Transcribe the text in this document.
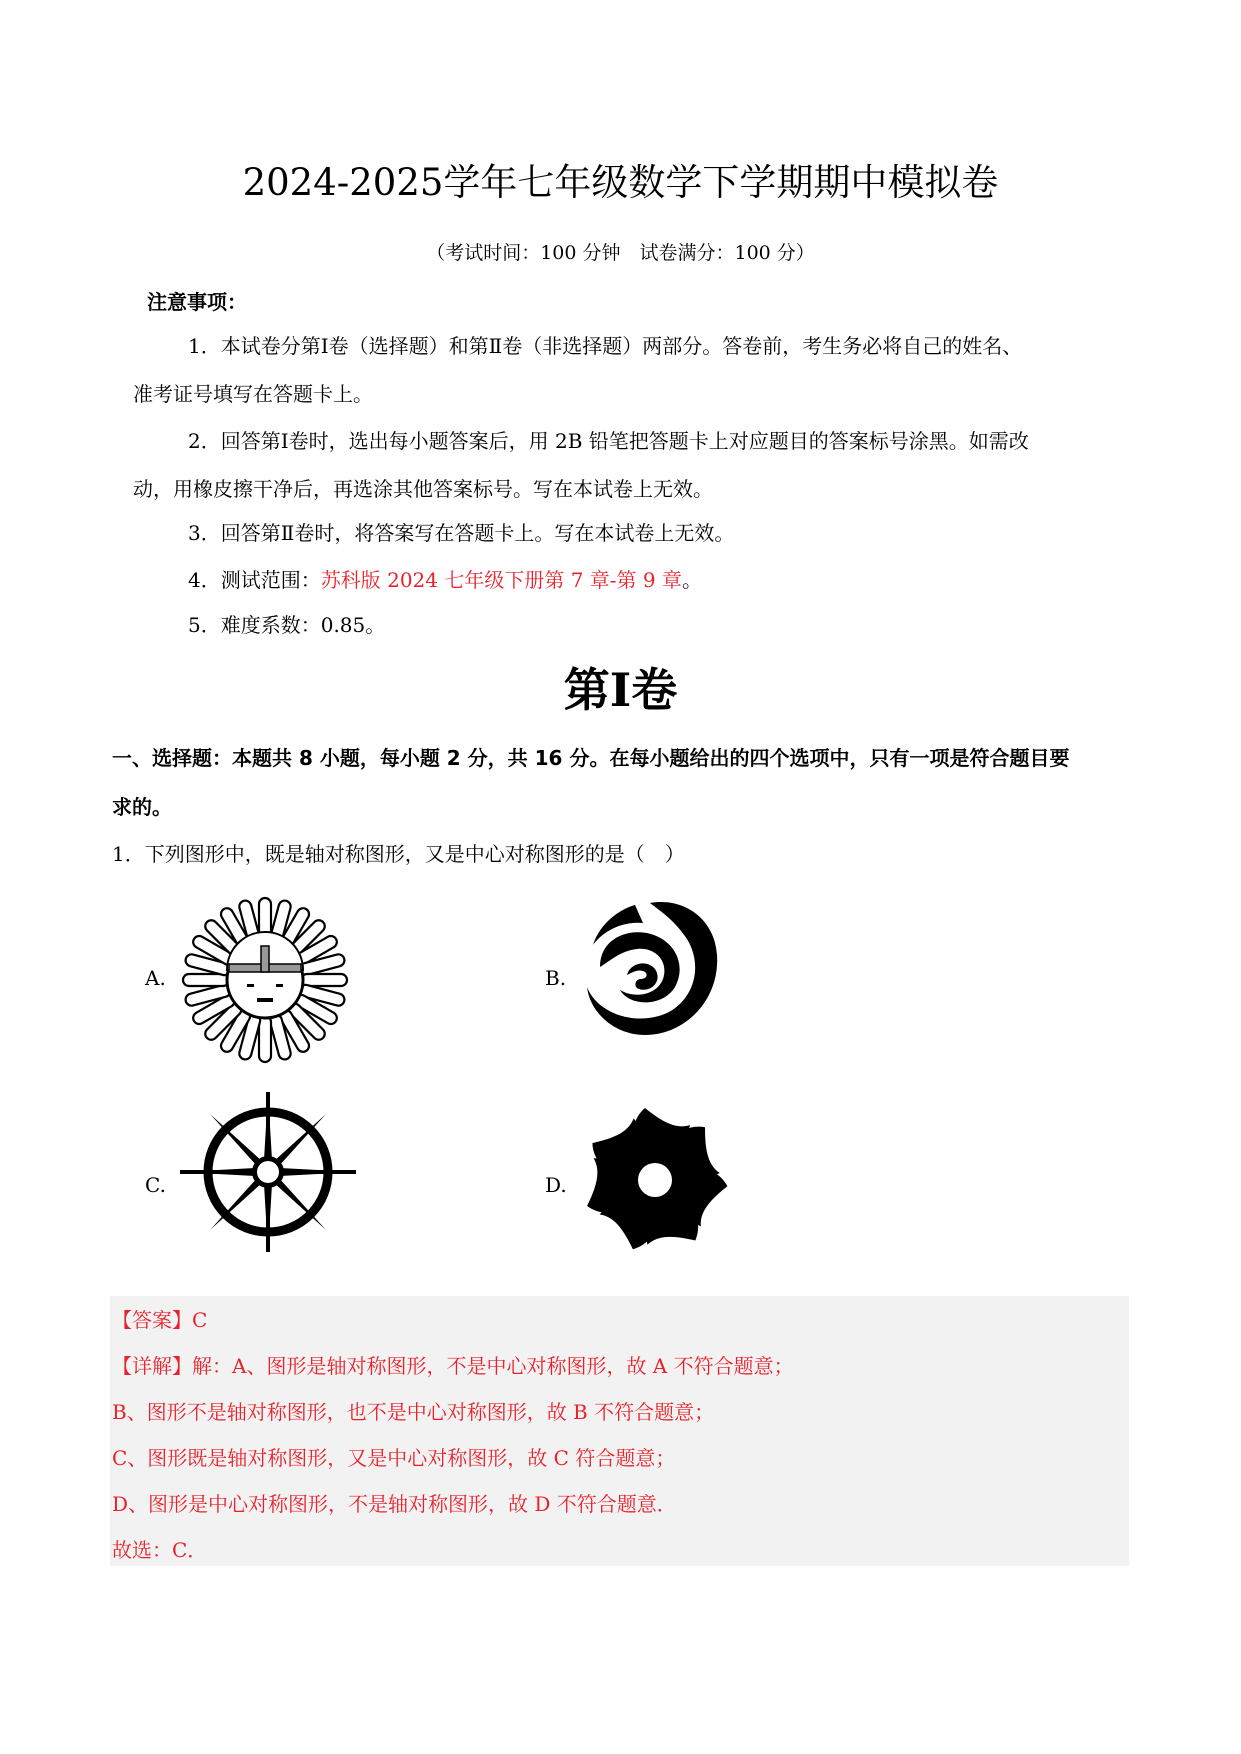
2024-2025学年七年级数学下学期期中模拟卷
（考试时间：100 分钟　试卷满分：100 分）
注意事项：
1．本试卷分第Ⅰ卷（选择题）和第Ⅱ卷（非选择题）两部分。答卷前，考生务必将自己的姓名、
准考证号填写在答题卡上。
2．回答第Ⅰ卷时，选出每小题答案后，用 2B 铅笔把答题卡上对应题目的答案标号涂黑。如需改
动，用橡皮擦干净后，再选涂其他答案标号。写在本试卷上无效。
3．回答第Ⅱ卷时，将答案写在答题卡上。写在本试卷上无效。
4．测试范围：苏科版 2024 七年级下册第 7 章-第 9 章。
5．难度系数：0.85。
第Ⅰ卷
一、选择题：本题共 8 小题，每小题 2 分，共 16 分。在每小题给出的四个选项中，只有一项是符合题目要
求的。
1．下列图形中，既是轴对称图形，又是中心对称图形的是（　）
A.	B.
C.	D.
【答案】C
【详解】解：A、图形是轴对称图形，不是中心对称图形，故 A 不符合题意；
B、图形不是轴对称图形，也不是中心对称图形，故 B 不符合题意；
C、图形既是轴对称图形，又是中心对称图形，故 C 符合题意；
D、图形是中心对称图形，不是轴对称图形，故 D 不符合题意．
故选：C．
